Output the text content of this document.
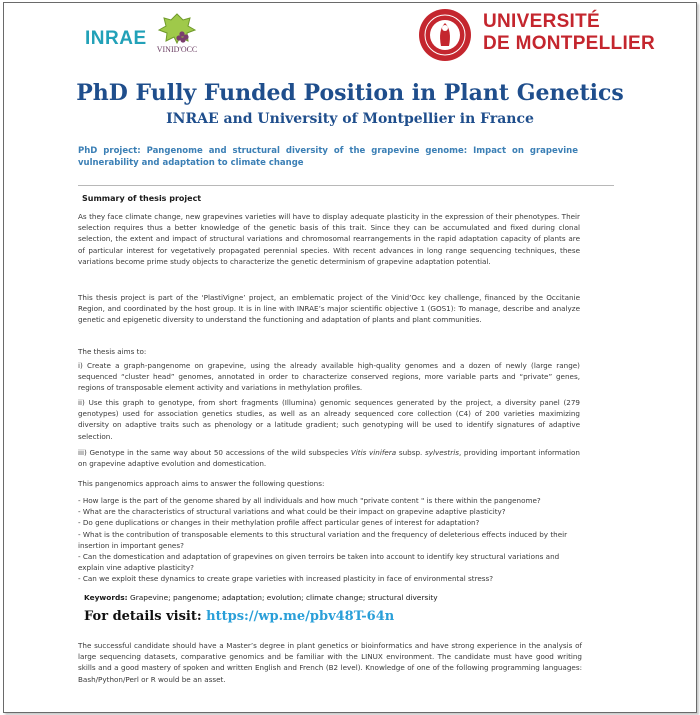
INRAE
VINID'OCC
UNIVERSITÉ
DE MONTPELLIER
PhD Fully Funded Position in Plant Genetics
INRAE and University of Montpellier in France
PhD project: Pangenome and structural diversity of the grapevine genome: Impact on grapevine vulnerability and adaptation to climate change
Summary of thesis project
As they face climate change, new grapevines varieties will have to display adequate plasticity in the expression of their phenotypes. Their selection requires thus a better knowledge of the genetic basis of this trait. Since they can be accumulated and fixed during clonal selection, the extent and impact of structural variations and chromosomal rearrangements in the rapid adaptation capacity of plants are of particular interest for vegetatively propagated perennial species. With recent advances in long range sequencing techniques, these variations become prime study objects to characterize the genetic determinism of grapevine adaptation potential.
This thesis project is part of the ‘PlastiVigne’ project, an emblematic project of the Vinid’Occ key challenge, financed by the Occitanie Region, and coordinated by the host group. It is in line with INRAE’s major scientific objective 1 (GOS1): To manage, describe and analyze genetic and epigenetic diversity to understand the functioning and adaptation of plants and plant communities.
The thesis aims to:
i) Create a graph-pangenome on grapevine, using the already available high-quality genomes and a dozen of newly (large range) sequenced “cluster head” genomes, annotated in order to characterize conserved regions, more variable parts and “private” genes, regions of transposable element activity and variations in methylation profiles.
ii) Use this graph to genotype, from short fragments (Illumina) genomic sequences generated by the project, a diversity panel (279 genotypes) used for association genetics studies, as well as an already sequenced core collection (C4) of 200 varieties maximizing diversity on adaptive traits such as phenology or a latitude gradient; such genotyping will be used to identify signatures of adaptive selection.
iii) Genotype in the same way about 50 accessions of the wild subspecies Vitis vinifera subsp. sylvestris, providing important information on grapevine adaptive evolution and domestication.
This pangenomics approach aims to answer the following questions:

- How large is the part of the genome shared by all individuals and how much "private content " is there within the pangenome?

- What are the characteristics of structural variations and what could be their impact on grapevine adaptive plasticity?

- Do gene duplications or changes in their methylation profile affect particular genes of interest for adaptation?

- What is the contribution of transposable elements to this structural variation and the frequency of deleterious effects induced by their insertion in important genes?

- Can the domestication and adaptation of grapevines on given terroirs be taken into account to identify key structural variations and explain vine adaptive plasticity?

- Can we exploit these dynamics to create grape varieties with increased plasticity in face of environmental stress?

Keywords: Grapevine; pangenome; adaptation; evolution; climate change; structural diversity
For details visit: https://wp.me/pbv48T-64n
The successful candidate should have a Master’s degree in plant genetics or bioinformatics and have strong experience in the analysis of large sequencing datasets, comparative genomics and be familiar with the LINUX environment. The candidate must have good writing skills and a good mastery of spoken and written English and French (B2 level). Knowledge of one of the following programming languages: Bash/Python/Perl or R would be an asset.
